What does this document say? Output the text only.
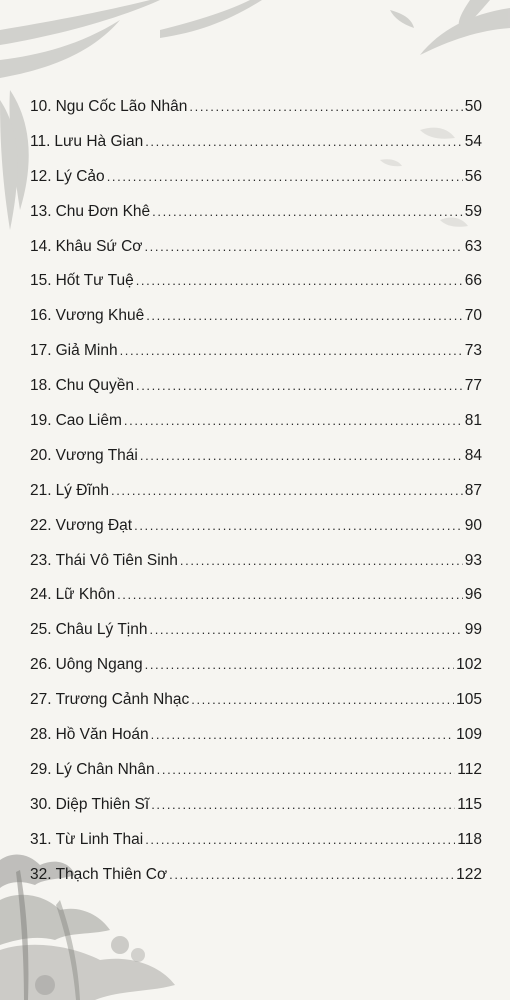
10. Ngu Cốc Lão Nhân .....	50
11. Lưu Hà Gian .....	54
12. Lý Cảo .....	56
13. Chu Đơn Khê .....	59
14. Khâu Sứ Cơ .....	63
15. Hốt Tư Tuệ .....	66
16. Vương Khuê .....	70
17. Giả Minh .....	73
18. Chu Quyền .....	77
19. Cao Liêm .....	81
20. Vương Thái .....	84
21. Lý Đĩnh .....	87
22. Vương Đạt .....	90
23. Thái Vô Tiên Sinh .....	93
24. Lữ Khôn .....	96
25. Châu Lý Tịnh .....	99
26. Uông Ngang .....	102
27. Trương Cảnh Nhạc .....	105
28. Hồ Văn Hoán .....	109
29. Lý Chân Nhân .....	112
30. Diệp Thiên Sĩ .....	115
31. Từ Linh Thai .....	118
32. Thạch Thiên Cơ .....	122
